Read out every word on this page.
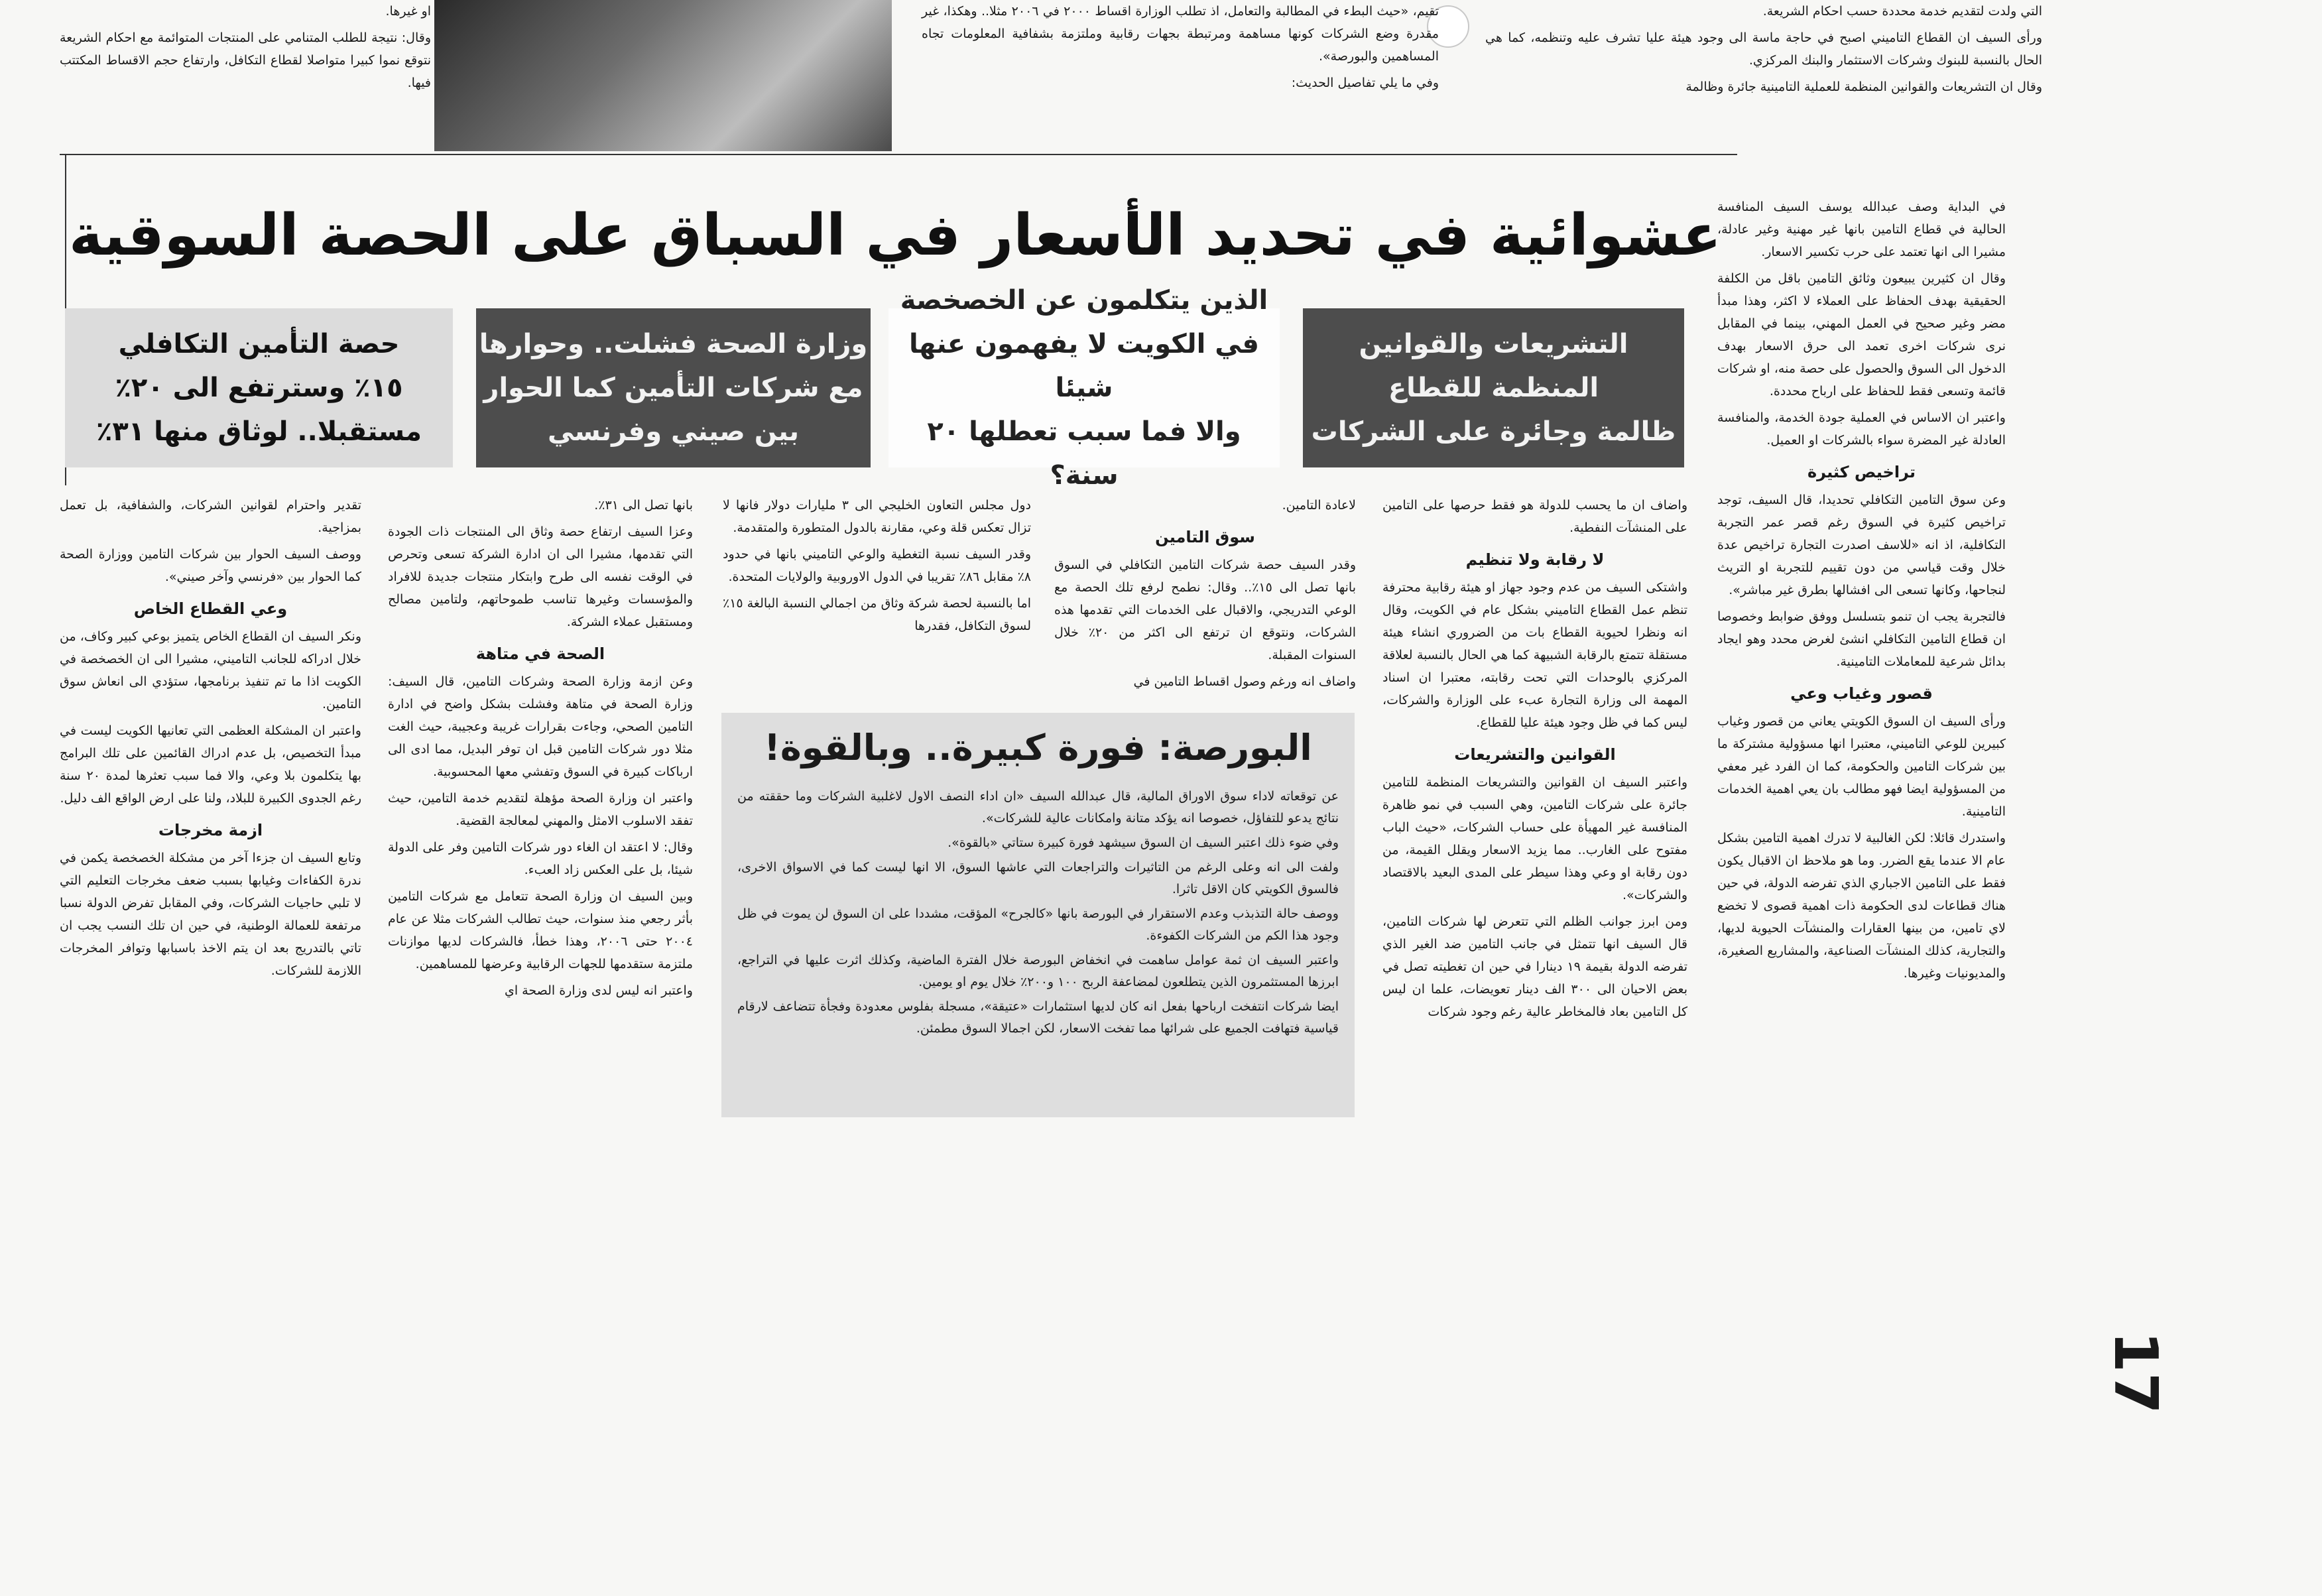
او غيرها.

وقال: نتيجة للطلب المتنامي على المنتجات المتوائمة مع احكام الشريعة نتوقع نموا كبيرا متواصلا لقطاع التكافل، وارتفاع حجم الاقساط المكتتب فيها.

تقيم، «حيث البطء في المطالبة والتعامل، اذ تطلب الوزارة اقساط ٢٠٠٠ في ٢٠٠٦ مثلا.. وهكذا، غير مقدرة وضع الشركات كونها مساهمة ومرتبطة بجهات رقابية وملتزمة بشفافية المعلومات تجاه المساهمين والبورصة».

وفي ما يلي تفاصيل الحديث:

التي ولدت لتقديم خدمة محددة حسب احكام الشريعة.

ورأى السيف ان القطاع التاميني اصبح في حاجة ماسة الى وجود هيئة عليا تشرف عليه وتنظمه، كما هي الحال بالنسبة للبنوك وشركات الاستثمار والبنك المركزي.

وقال ان التشريعات والقوانين المنظمة للعملية التامينية جائرة وظالمة

عشوائية في تحديد الأسعار في السباق على الحصة السوقية
التشريعات والقوانين
المنظمة للقطاع
ظالمة وجائرة على الشركات
الذين يتكلمون عن الخصخصة
في الكويت لا يفهمون عنها شيئا
والا فما سبب تعطلها ٢٠ سنة؟
وزارة الصحة فشلت.. وحوارها
مع شركات التأمين كما الحوار
بين صيني وفرنسي
حصة التأمين التكافلي
١٥٪ وسترتفع الى ٢٠٪
مستقبلا.. لوثاق منها ٣١٪

في البداية وصف عبدالله يوسف السيف المنافسة الحالية في قطاع التامين بانها غير مهنية وغير عادلة، مشيرا الى انها تعتمد على حرب تكسير الاسعار.

وقال ان كثيرين يبيعون وثائق التامين باقل من الكلفة الحقيقية بهدف الحفاظ على العملاء لا اكثر، وهذا مبدأ مضر وغير صحيح في العمل المهني، بينما في المقابل نرى شركات اخرى تعمد الى حرق الاسعار بهدف الدخول الى السوق والحصول على حصة منه، او شركات قائمة وتسعى فقط للحفاظ على ارباح محددة.

واعتبر ان الاساس في العملية جودة الخدمة، والمنافسة العادلة غير المضرة سواء بالشركات او العميل.

تراخيص كثيرة

وعن سوق التامين التكافلي تحديدا، قال السيف، توجد تراخيص كثيرة في السوق رغم قصر عمر التجربة التكافلية، اذ انه «للاسف اصدرت التجارة تراخيص عدة خلال وقت قياسي من دون تقييم للتجربة او التريث لنجاحها، وكانها تسعى الى افشالها بطرق غير مباشر».

فالتجربة يجب ان تنمو بتسلسل ووفق ضوابط وخصوصا ان قطاع التامين التكافلي انشئ لغرض محدد وهو ايجاد بدائل شرعية للمعاملات التامينية.

قصور وغياب وعي

ورأى السيف ان السوق الكويتي يعاني من قصور وغياب كبيرين للوعي التاميني، معتبرا انها مسؤولية مشتركة ما بين شركات التامين والحكومة، كما ان الفرد غير معفي من المسؤولية ايضا فهو مطالب بان يعي اهمية الخدمات التامينية.

واستدرك قائلا: لكن الغالبية لا تدرك اهمية التامين بشكل عام الا عندما يقع الضرر. وما هو ملاحظ ان الاقبال يكون فقط على التامين الاجباري الذي تفرضه الدولة، في حين هناك قطاعات لدى الحكومة ذات اهمية قصوى لا تخضع لاي تامين، من بينها العقارات والمنشآت الحيوية لديها، والتجارية، كذلك المنشآت الصناعية، والمشاريع الصغيرة، والمديونيات وغيرها.

واضاف ان ما يحسب للدولة هو فقط حرصها على التامين على المنشآت النفطية.

لا رقابة ولا تنظيم

واشتكى السيف من عدم وجود جهاز او هيئة رقابية محترفة تنظم عمل القطاع التاميني بشكل عام في الكويت، وقال انه ونظرا لحيوية القطاع بات من الضروري انشاء هيئة مستقلة تتمتع بالرقابة الشبيهة كما هي الحال بالنسبة لعلاقة المركزي بالوحدات التي تحت رقابته، معتبرا ان اسناد المهمة الى وزارة التجارة عبء على الوزارة والشركات، ليس كما في ظل وجود هيئة عليا للقطاع.

القوانين والتشريعات

واعتبر السيف ان القوانين والتشريعات المنظمة للتامين جائرة على شركات التامين، وهي السبب في نمو ظاهرة المنافسة غير المهيأة على حساب الشركات، «حيث الباب مفتوح على الغارب.. مما يزيد الاسعار ويقلل القيمة، من دون رقابة او وعي وهذا سيطر على المدى البعيد بالاقتصاد والشركات».

ومن ابرز جوانب الظلم التي تتعرض لها شركات التامين، قال السيف انها تتمثل في جانب التامين ضد الغير الذي تفرضه الدولة بقيمة ١٩ دينارا في حين ان تغطيته تصل في بعض الاحيان الى ٣٠٠ الف دينار تعويضات، علما ان ليس كل التامين بعاد فالمخاطر عالية رغم وجود شركات

لاعادة التامين.

سوق التامين

وقدر السيف حصة شركات التامين التكافلي في السوق بانها تصل الى ١٥٪.. وقال: نطمح لرفع تلك الحصة مع الوعي التدريجي، والاقبال على الخدمات التي تقدمها هذه الشركات، ونتوقع ان ترتفع الى اكثر من ٢٠٪ خلال السنوات المقبلة.

واضاف انه ورغم وصول اقساط التامين في

دول مجلس التعاون الخليجي الى ٣ مليارات دولار فانها لا تزال تعكس قلة وعي، مقارنة بالدول المتطورة والمتقدمة.

وقدر السيف نسبة التغطية والوعي التاميني بانها في حدود ٨٪ مقابل ٨٦٪ تقريبا في الدول الاوروبية والولايات المتحدة.

اما بالنسبة لحصة شركة وثاق من اجمالي النسبة البالغة ١٥٪ لسوق التكافل، فقدرها

البورصة: فورة كبيرة.. وبالقوة!

عن توقعاته لاداء سوق الاوراق المالية، قال عبدالله السيف «ان اداء النصف الاول لاغلبية الشركات وما حققته من نتائج يدعو للتفاؤل، خصوصا انه يؤكد متانة وامكانات عالية للشركات».

وفي ضوء ذلك اعتبر السيف ان السوق سيشهد فورة كبيرة ستاتي «بالقوة».

ولفت الى انه وعلى الرغم من التاثيرات والتراجعات التي عاشها السوق، الا انها ليست كما في الاسواق الاخرى، فالسوق الكويتي كان الاقل تاثرا.

ووصف حالة التذبذب وعدم الاستقرار في البورصة بانها «كالجرح» المؤقت، مشددا على ان السوق لن يموت في ظل وجود هذا الكم من الشركات الكفوءة.

واعتبر السيف ان ثمة عوامل ساهمت في انخفاض البورصة خلال الفترة الماضية، وكذلك اثرت عليها في التراجع، ابرزها المستثمرون الذين يتطلعون لمضاعفة الربح ١٠٠ و٢٠٠٪ خلال يوم او يومين.

ايضا شركات انتفخت ارباحها بفعل انه كان لديها استثمارات «عتيقة»، مسجلة بفلوس معدودة وفجأة تتضاعف لارقام قياسية فتهافت الجميع على شرائها مما تفخت الاسعار، لكن اجمالا السوق مطمئن.

بانها تصل الى ٣١٪.

وعزا السيف ارتفاع حصة وثاق الى المنتجات ذات الجودة التي تقدمها، مشيرا الى ان ادارة الشركة تسعى وتحرص في الوقت نفسه الى طرح وابتكار منتجات جديدة للافراد والمؤسسات وغيرها تناسب طموحاتهم، ولتامين مصالح ومستقبل عملاء الشركة.

الصحة في متاهة

وعن ازمة وزارة الصحة وشركات التامين، قال السيف: وزارة الصحة في متاهة وفشلت بشكل واضح في ادارة التامين الصحي، وجاءت بقرارات غريبة وعجيبة، حيث الغت مثلا دور شركات التامين قبل ان توفر البديل، مما ادى الى ارباكات كبيرة في السوق وتفشي معها المحسوبية.

واعتبر ان وزارة الصحة مؤهلة لتقديم خدمة التامين، حيث تفقد الاسلوب الامثل والمهني لمعالجة القضية.

وقال: لا اعتقد ان الغاء دور شركات التامين وفر على الدولة شيئا، بل على العكس زاد العبء.

وبين السيف ان وزارة الصحة تتعامل مع شركات التامين بأثر رجعي منذ سنوات، حيث تطالب الشركات مثلا عن عام ٢٠٠٤ حتى ٢٠٠٦، وهذا خطأ، فالشركات لديها موازنات ملتزمة ستقدمها للجهات الرقابية وعرضها للمساهمين.

واعتبر انه ليس لدى وزارة الصحة اي

تقدير واحترام لقوانين الشركات، والشفافية، بل تعمل بمزاجية.

ووصف السيف الحوار بين شركات التامين ووزارة الصحة كما الحوار بين «فرنسي وآخر صيني».

وعي القطاع الخاص

ونكر السيف ان القطاع الخاص يتميز بوعي كبير وكاف، من خلال ادراكه للجانب التاميني، مشيرا الى ان الخصخصة في الكويت اذا ما تم تنفيذ برنامجها، ستؤدي الى انعاش سوق التامين.

واعتبر ان المشكلة العظمى التي تعانيها الكويت ليست في مبدأ التخصيص، بل عدم ادراك القائمين على تلك البرامج بها يتكلمون بلا وعي، والا فما سبب تعثرها لمدة ٢٠ سنة رغم الجدوى الكبيرة للبلاد، ولنا على ارض الواقع الف دليل.

ازمة مخرجات

وتابع السيف ان جزءا آخر من مشكلة الخصخصة يكمن في ندرة الكفاءات وغيابها بسبب ضعف مخرجات التعليم التي لا تلبي حاجيات الشركات، وفي المقابل تفرض الدولة نسبا مرتفعة للعمالة الوطنية، في حين ان تلك النسب يجب ان تاتي بالتدريج بعد ان يتم الاخذ باسبابها وتوافر المخرجات اللازمة للشركات.

17
